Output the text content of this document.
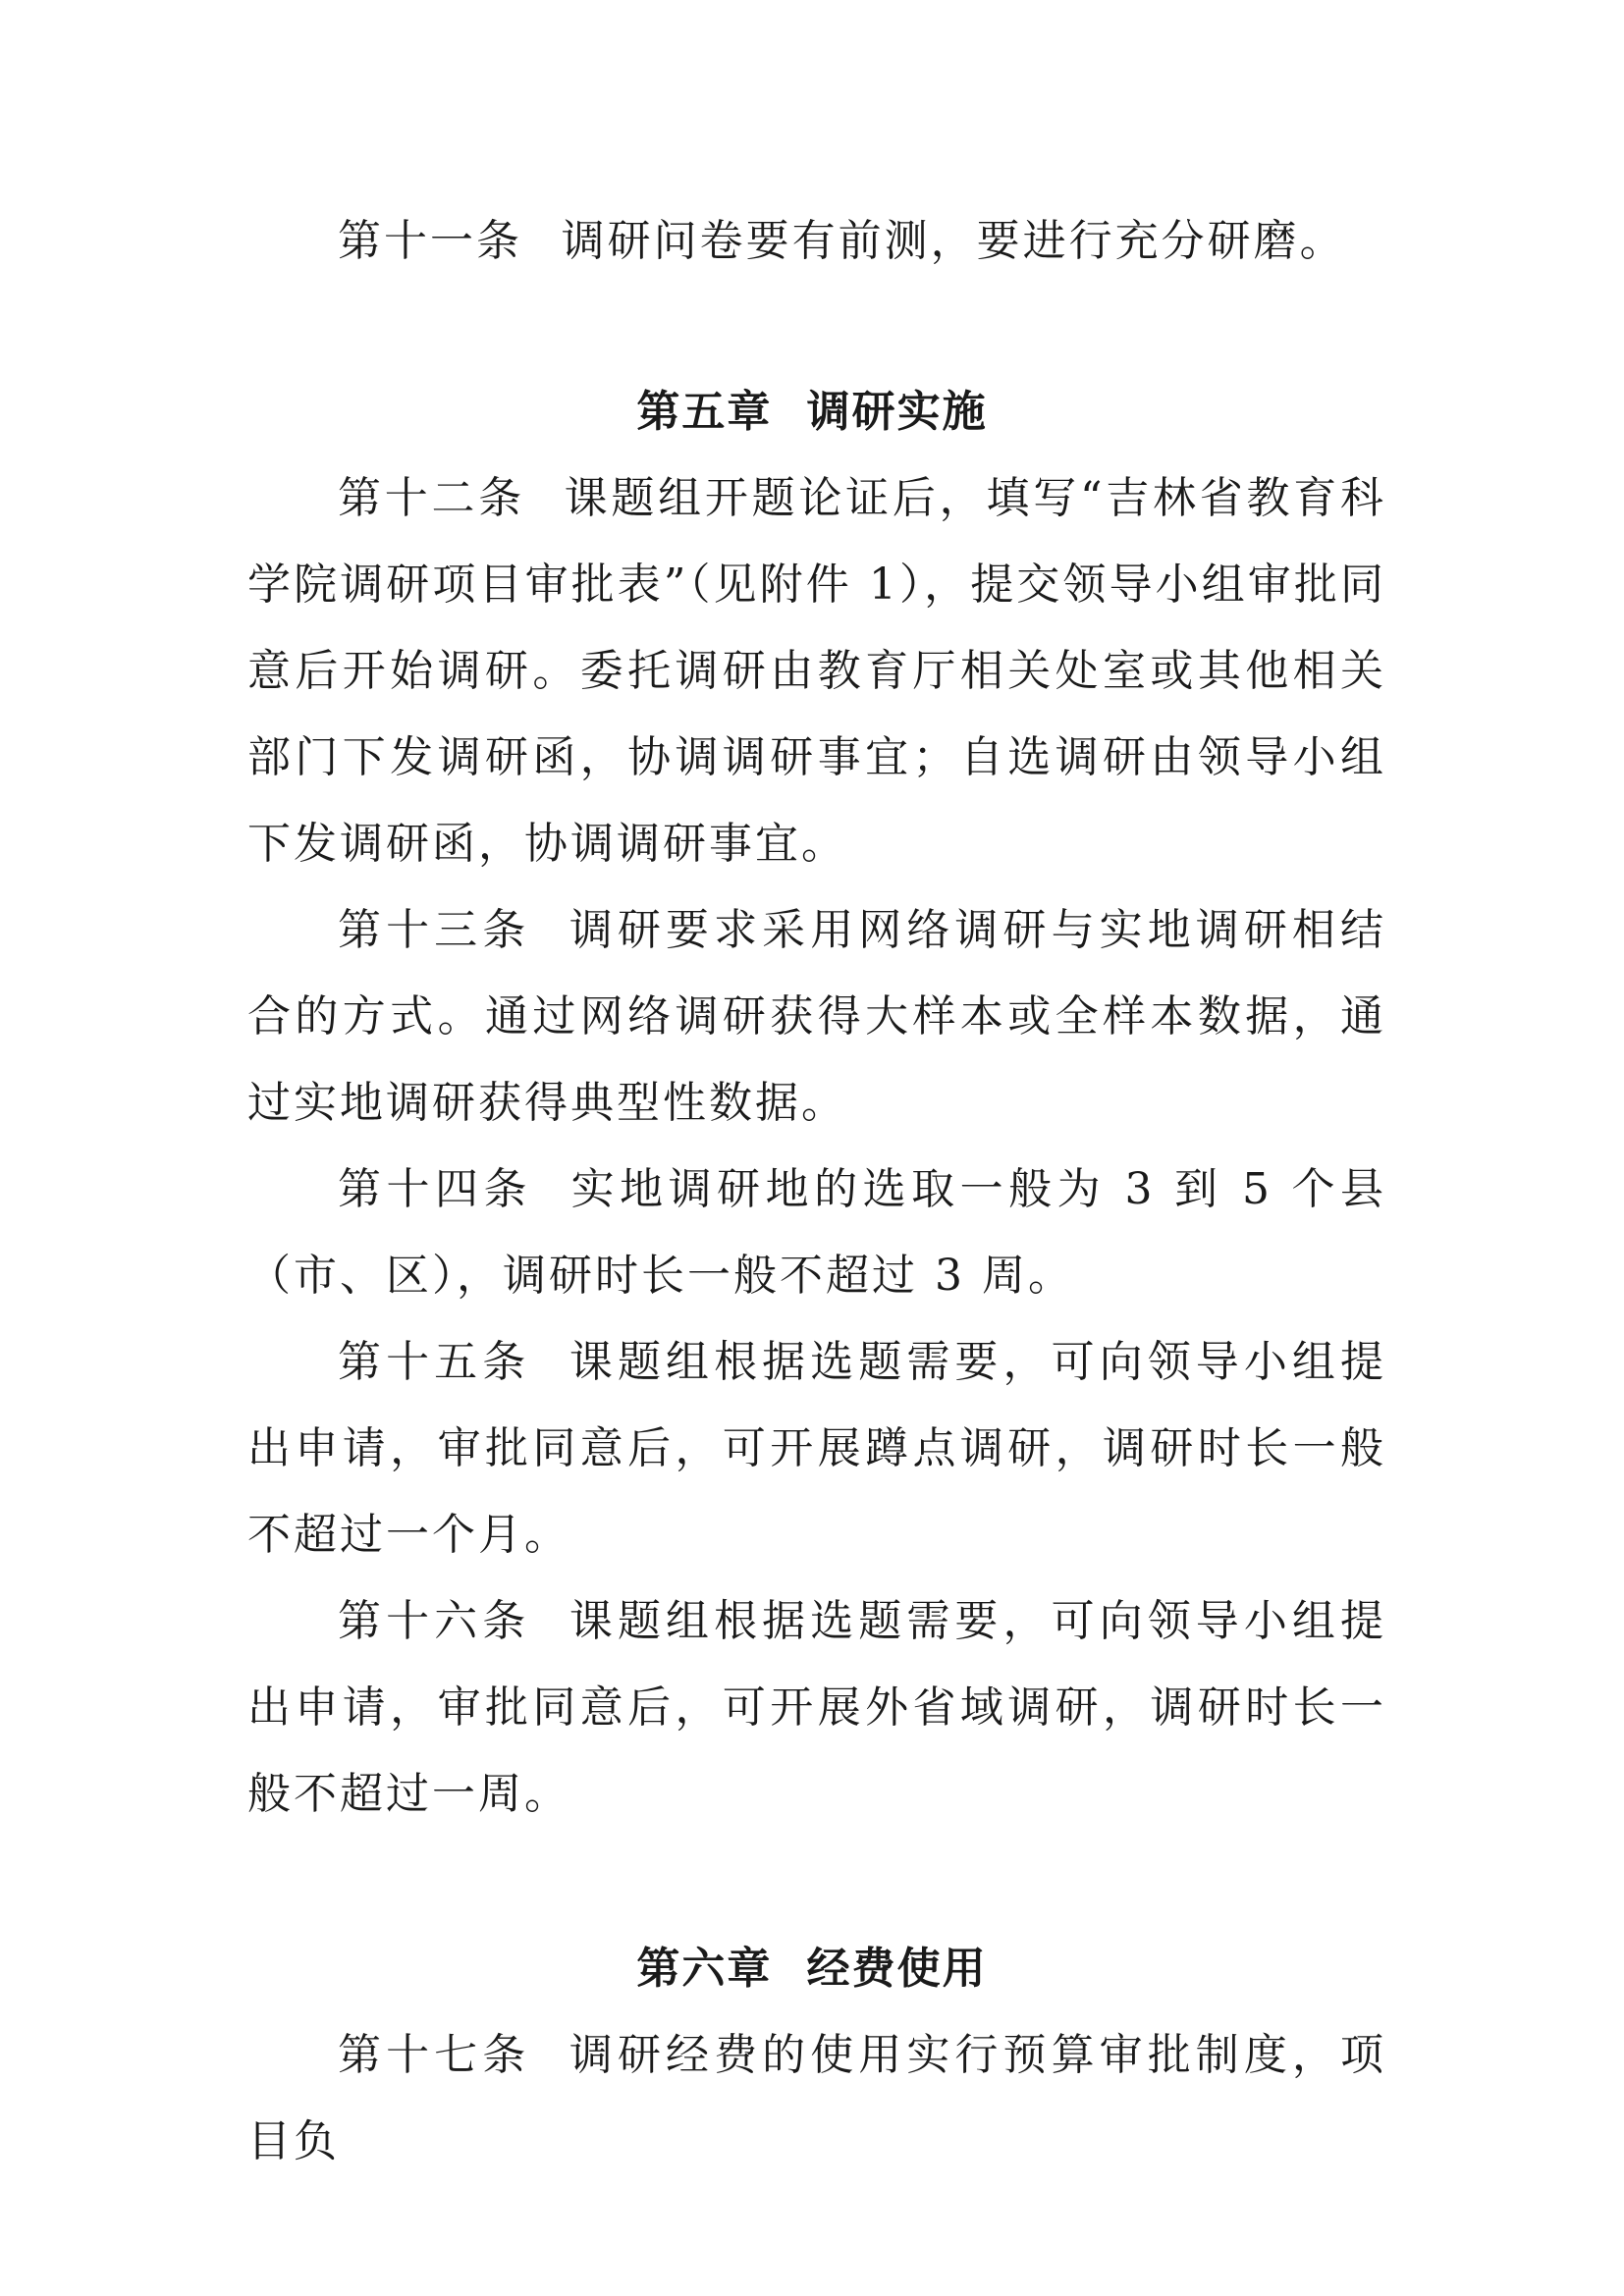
第十一条 调研问卷要有前测，要进行充分研磨。

第五章 调研实施

第十二条 课题组开题论证后，填写“吉林省教育科学院调研项目审批表”（见附件 1），提交领导小组审批同意后开始调研。委托调研由教育厅相关处室或其他相关部门下发调研函，协调调研事宜；自选调研由领导小组下发调研函，协调调研事宜。

第十三条 调研要求采用网络调研与实地调研相结合的方式。通过网络调研获得大样本或全样本数据，通过实地调研获得典型性数据。

第十四条 实地调研地的选取一般为 3 到 5 个县（市、区），调研时长一般不超过 3 周。

第十五条 课题组根据选题需要，可向领导小组提出申请，审批同意后，可开展蹲点调研，调研时长一般不超过一个月。

第十六条 课题组根据选题需要，可向领导小组提出申请，审批同意后，可开展外省域调研，调研时长一般不超过一周。

第六章 经费使用

第十七条 调研经费的使用实行预算审批制度，项目负
